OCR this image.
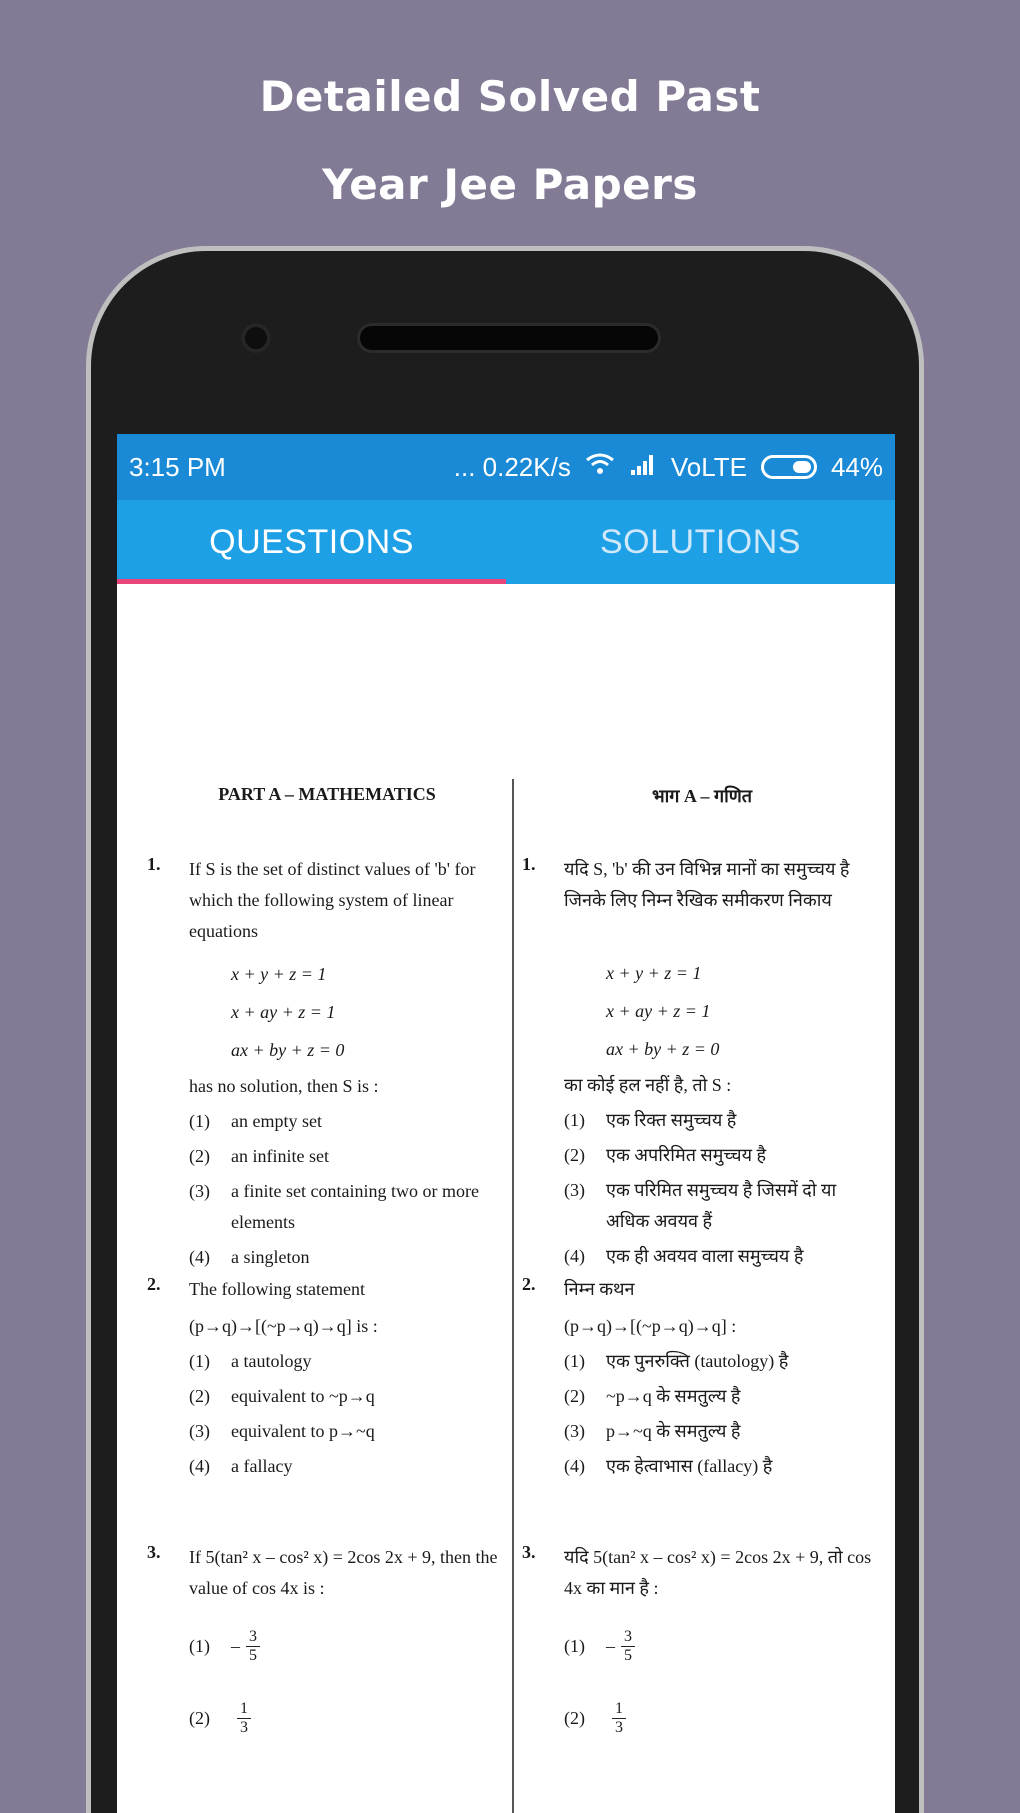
Detailed Solved Past
Year Jee Papers
3:15 PM	... 0.22K/s	VoLTE	44%
QUESTIONS	SOLUTIONS
PART A – MATHEMATICS
1. If S is the set of distinct values of 'b' for which the following system of linear equations
x + y + z = 1
x + ay + z = 1
ax + by + z = 0
has no solution, then S is :
(1)	an empty set
(2)	an infinite set
(3)	a finite set containing two or more elements
(4)	a singleton
2. The following statement
(p→q)→[(~p→q)→q] is :
(1)	a tautology
(2)	equivalent to ~p→q
(3)	equivalent to p→~q
(4)	a fallacy
3. If 5(tan² x – cos² x) = 2cos 2x + 9, then the value of cos 4x is :
(1)	– $\frac{3}{5}$
(2)	$\frac{1}{3}$
भाग A – गणित
1. यदि S, 'b' की उन विभिन्न मानों का समुच्चय है जिनके लिए निम्न रैखिक समीकरण निकाय
x + y + z = 1
x + ay + z = 1
ax + by + z = 0
का कोई हल नहीं है, तो S :
(1)	एक रिक्त समुच्चय है
(2)	एक अपरिमित समुच्चय है
(3)	एक परिमित समुच्चय है जिसमें दो या अधिक अवयव हैं
(4)	एक ही अवयव वाला समुच्चय है
2. निम्न कथन
(p→q)→[(~p→q)→q] :
(1)	एक पुनरुक्ति (tautology) है
(2)	~p→q के समतुल्य है
(3)	p→~q के समतुल्य है
(4)	एक हेत्वाभास (fallacy) है
3. यदि 5(tan² x – cos² x) = 2cos 2x + 9, तो cos 4x का मान है :
(1)	– $\frac{3}{5}$
(2)	$\frac{1}{3}$
